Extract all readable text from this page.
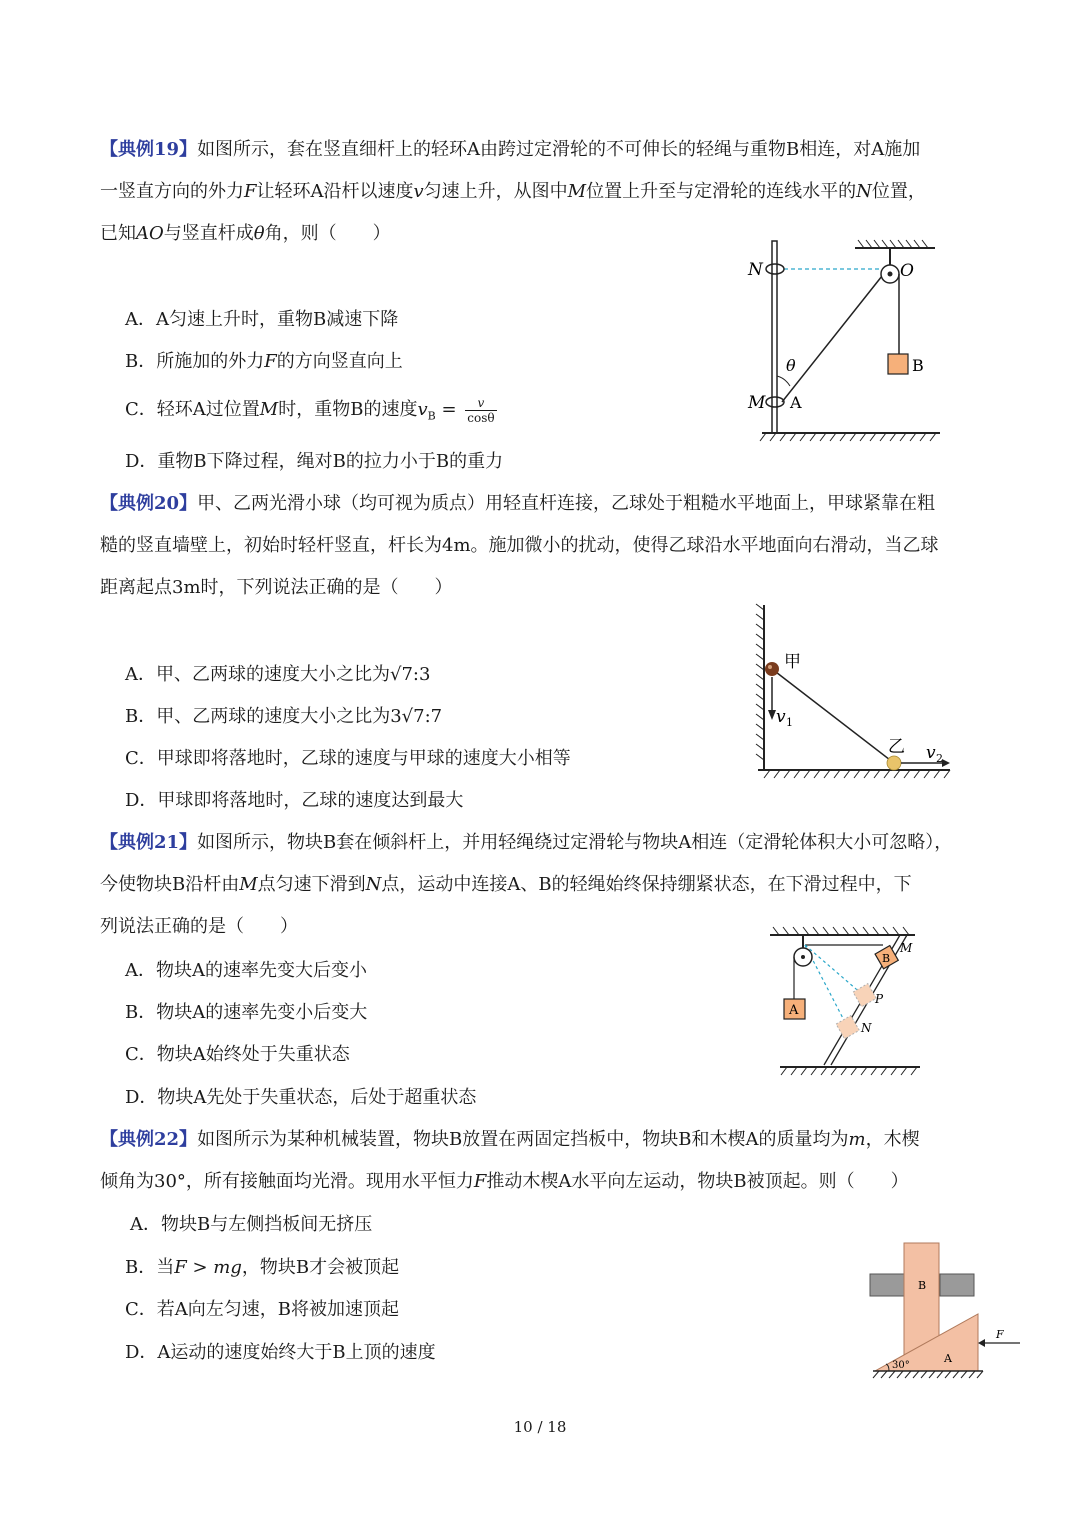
【典例19】如图所示，套在竖直细杆上的轻环A由跨过定滑轮的不可伸长的轻绳与重物B相连，对A施加
一竖直方向的外力F让轻环A沿杆以速度v匀速上升，从图中M位置上升至与定滑轮的连线水平的N位置，
已知AO与竖直杆成θ角，则（　　）
A．A匀速上升时，重物B减速下降
B．所施加的外力F的方向竖直向上
C．轻环A过位置M时，重物B的速度$v_B = \frac{v}{\cos\theta}$
D．重物B下降过程，绳对B的拉力小于B的重力
N	O
θ	B
M A
【典例20】甲、乙两光滑小球（均可视为质点）用轻直杆连接，乙球处于粗糙水平地面上，甲球紧靠在粗
糙的竖直墙壁上，初始时轻杆竖直，杆长为4m。施加微小的扰动，使得乙球沿水平地面向右滑动，当乙球
距离起点3m时，下列说法正确的是（　　）
A．甲、乙两球的速度大小之比为√7:3
B．甲、乙两球的速度大小之比为3√7:7
C．甲球即将落地时，乙球的速度与甲球的速度大小相等
D．甲球即将落地时，乙球的速度达到最大
甲
v 1
乙 v 2
【典例21】如图所示，物块B套在倾斜杆上，并用轻绳绕过定滑轮与物块A相连（定滑轮体积大小可忽略），
今使物块B沿杆由M点匀速下滑到N点，运动中连接A、B的轻绳始终保持绷紧状态，在下滑过程中，下
列说法正确的是（　　）
A．物块A的速率先变大后变小
B．物块A的速率先变小后变大
C．物块A始终处于失重状态
D．物块A先处于失重状态，后处于超重状态
M
B
P
N
A
【典例22】如图所示为某种机械装置，物块B放置在两固定挡板中，物块B和木楔A的质量均为m，木楔
倾角为30°，所有接触面均光滑。现用水平恒力F推动木楔A水平向左运动，物块B被顶起。则（　　）
A．物块B与左侧挡板间无挤压
B．当F > mg，物块B才会被顶起
C．若A向左匀速，B将被加速顶起
D．A运动的速度始终大于B上顶的速度
B
A
F
30°
10 / 18
